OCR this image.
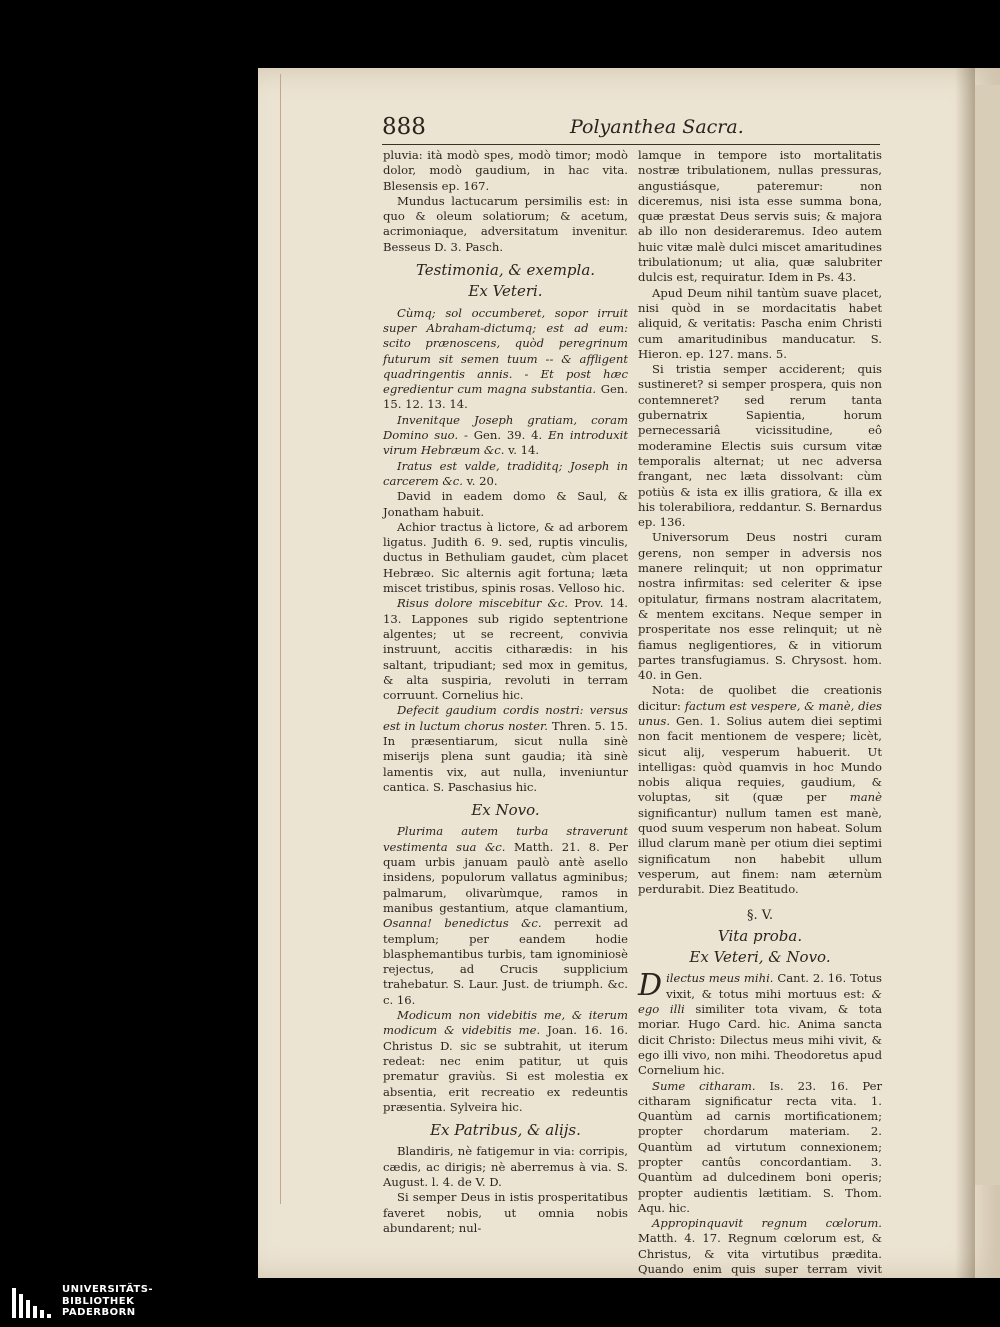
888	Polyanthea Sacra.

pluvia: ità modò spes, modò timor; modò dolor, modò gaudium, in hac vita. Blesensis ep. 167.

Mundus lactucarum persimilis est: in quo & oleum solatiorum; & acetum, acrimoniaque, adversitatum invenitur. Besseus D. 3. Pasch.

Testimonia, & exempla.

Ex Veteri.

Cùmq; sol occumberet, sopor irruit super Abraham-dictumq; est ad eum: scito prænoscens, quòd peregrinum futurum sit semen tuum -- & affligent quadringentis annis. - Et post hæc egredientur cum magna substantia. Gen. 15. 12. 13. 14.

Invenitque Joseph gratiam, coram Domino suo. - Gen. 39. 4. En introduxit virum Hebræum &c. v. 14.

Iratus est valde, tradiditq; Joseph in carcerem &c. v. 20.

David in eadem domo & Saul, & Jonatham habuit.

Achior tractus à lictore, & ad arborem ligatus. Judith 6. 9. sed, ruptis vinculis, ductus in Bethuliam gaudet, cùm placet Hebræo. Sic alternis agit fortuna; læta miscet tristibus, spinis rosas. Velloso hic.

Risus dolore miscebitur &c. Prov. 14. 13. Lappones sub rigido septentrione algentes; ut se recreent, convivia instruunt, accitis citharædis: in his saltant, tripudiant; sed mox in gemitus, & alta suspiria, revoluti in terram corruunt. Cornelius hic.

Defecit gaudium cordis nostri: versus est in luctum chorus noster. Thren. 5. 15. In præsentiarum, sicut nulla sinè miserijs plena sunt gaudia; ità sinè lamentis vix, aut nulla, inveniuntur cantica. S. Paschasius hic.

Ex Novo.

Plurima autem turba straverunt vestimenta sua &c. Matth. 21. 8. Per quam urbis januam paulò antè asello insidens, populorum vallatus agminibus; palmarum, olivarùmque, ramos in manibus gestantium, atque clamantium, Osanna! benedictus &c. perrexit ad templum; per eandem hodie blasphemantibus turbis, tam ignominiosè rejectus, ad Crucis supplicium trahebatur. S. Laur. Just. de triumph. &c. c. 16.

Modicum non videbitis me, & iterum modicum & videbitis me. Joan. 16. 16. Christus D. sic se subtrahit, ut iterum redeat: nec enim patitur, ut quis prematur graviùs. Si est molestia ex absentia, erit recreatio ex redeuntis præsentia. Sylveira hic.

Ex Patribus, & alijs.

Blandiris, nè fatigemur in via: corripis, cædis, ac dirigis; nè aberremus à via. S. August. l. 4. de V. D.

Si semper Deus in istis prosperitatibus faveret nobis, ut omnia nobis abundarent; nul-

lamque in tempore isto mortalitatis nostræ tribulationem, nullas pressuras, angustiásque, pateremur: non diceremus, nisi ista esse summa bona, quæ præstat Deus servis suis; & majora ab illo non desideraremus. Ideo autem huic vitæ malè dulci miscet amaritudines tribulationum; ut alia, quæ salubriter dulcis est, requiratur. Idem in Ps. 43.

Apud Deum nihil tantùm suave placet, nisi quòd in se mordacitatis habet aliquid, & veritatis: Pascha enim Christi cum amaritudinibus manducatur. S. Hieron. ep. 127. mans. 5.

Si tristia semper acciderent; quis sustineret? si semper prospera, quis non contemneret? sed rerum tanta gubernatrix Sapientia, horum pernecessariâ vicissitudine, eô moderamine Electis suis cursum vitæ temporalis alternat; ut nec adversa frangant, nec læta dissolvant: cùm potiùs & ista ex illis gratiora, & illa ex his tolerabiliora, reddantur. S. Bernardus ep. 136.

Universorum Deus nostri curam gerens, non semper in adversis nos manere relinquit; ut non opprimatur nostra infirmitas: sed celeriter & ipse opitulatur, firmans nostram alacritatem, & mentem excitans. Neque semper in prosperitate nos esse relinquit; ut nè fiamus negligentiores, & in vitiorum partes transfugiamus. S. Chrysost. hom. 40. in Gen.

Nota: de quolibet die creationis dicitur: factum est vespere, & manè, dies unus. Gen. 1. Solius autem diei septimi non facit mentionem de vespere; licèt, sicut alij, vesperum habuerit. Ut intelligas: quòd quamvis in hoc Mundo nobis aliqua requies, gaudium, & voluptas, sit (quæ per manè significantur) nullum tamen est manè, quod suum vesperum non habeat. Solum illud clarum manè per otium diei septimi significatum non habebit ullum vesperum, aut finem: nam æternùm perdurabit. Diez Beatitudo.

§. V.

Vita proba.

Ex Veteri, & Novo.

Dilectus meus mihi. Cant. 2. 16. Totus vixit, & totus mihi mortuus est: & ego illi similiter tota vivam, & tota moriar. Hugo Card. hic. Anima sancta dicit Christo: Dilectus meus mihi vivit, & ego illi vivo, non mihi. Theodoretus apud Cornelium hic.

Sume citharam. Is. 23. 16. Per citharam significatur recta vita. 1. Quantùm ad carnis mortificationem; propter chordarum materiam. 2. Quantùm ad virtutum connexionem; propter cantûs concordantiam. 3. Quantùm ad dulcedinem boni operis; propter audientis lætitiam. S. Thom. Aqu. hic.

Appropinquavit regnum cœlorum. Matth. 4. 17. Regnum cœlorum est, & Christus, & vita virtutibus prædita. Quando enim quis super terram vivit

UNIVERSITÄTS-
BIBLIOTHEK
PADERBORN
